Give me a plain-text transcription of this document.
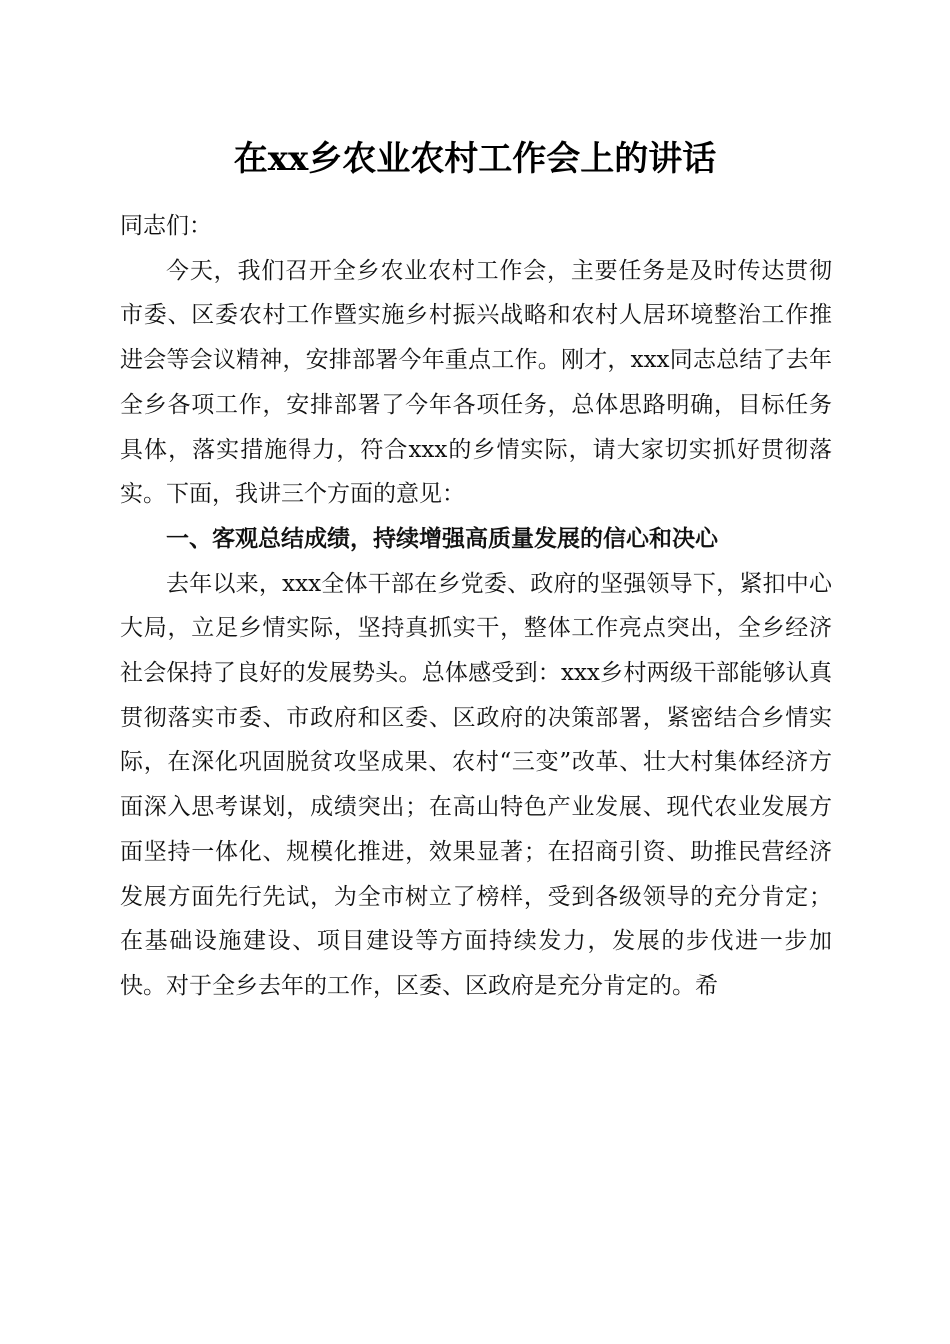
在xx乡农业农村工作会上的讲话

同志们：

今天，我们召开全乡农业农村工作会，主要任务是及时传达贯彻市委、区委农村工作暨实施乡村振兴战略和农村人居环境整治工作推进会等会议精神，安排部署今年重点工作。刚才，xxx同志总结了去年全乡各项工作，安排部署了今年各项任务，总体思路明确，目标任务具体，落实措施得力，符合xxx的乡情实际，请大家切实抓好贯彻落实。下面，我讲三个方面的意见：

一、客观总结成绩，持续增强高质量发展的信心和决心

去年以来，xxx全体干部在乡党委、政府的坚强领导下，紧扣中心大局，立足乡情实际，坚持真抓实干，整体工作亮点突出，全乡经济社会保持了良好的发展势头。总体感受到：xxx乡村两级干部能够认真贯彻落实市委、市政府和区委、区政府的决策部署，紧密结合乡情实际，在深化巩固脱贫攻坚成果、农村“三变”改革、壮大村集体经济方面深入思考谋划，成绩突出；在高山特色产业发展、现代农业发展方面坚持一体化、规模化推进，效果显著；在招商引资、助推民营经济发展方面先行先试，为全市树立了榜样，受到各级领导的充分肯定；在基础设施建设、项目建设等方面持续发力，发展的步伐进一步加快。对于全乡去年的工作，区委、区政府是充分肯定的。希
